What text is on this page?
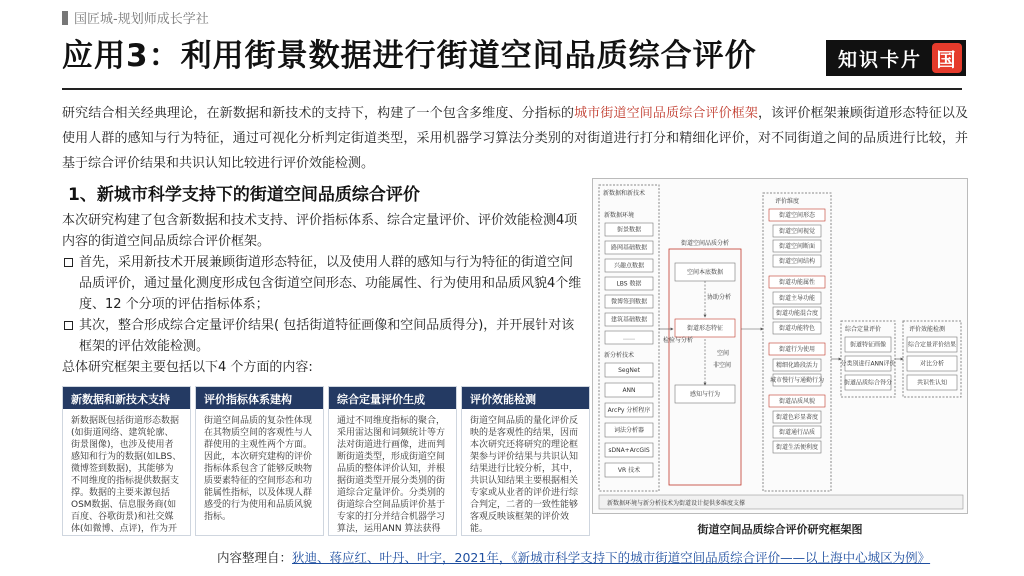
国匠城-规划师成长学社
应用3：利用街景数据进行街道空间品质综合评价	知识卡片 国
研究结合相关经典理论，在新数据和新技术的支持下，构建了一个包含多维度、分指标的城市街道空间品质综合评价框架，该评价框架兼顾街道形态特征以及使用人群的感知与行为特征，通过可视化分析判定街道类型，采用机器学习算法分类别的对街道进行打分和精细化评价，对不同街道之间的品质进行比较，并基于综合评价结果和共识认知比较进行评价效能检测。
1、新城市科学支持下的街道空间品质综合评价

本次研究构建了包含新数据和技术支持、评价指标体系、综合定量评价、评价效能检测4项内容的街道空间品质综合评价框架。

首先，采用新技术开展兼顾街道形态特征，以及使用人群的感知与行为特征的街道空间品质评价，通过量化测度形成包含街道空间形态、功能属性、行为使用和品质风貌4个维度、12 个分项的评估指标体系；
其次，整合形成综合定量评价结果( 包括街道特征画像和空间品质得分)，并开展针对该框架的评估效能检测。

总体研究框架主要包括以下4 个方面的内容:

新数据和新技术支持
新数据既包括街道形态数据(如街道网络、建筑轮廓、街景图像)，也涉及使用者感知和行为的数据(如LBS、微博签到数据)，其能够为不同维度的指标提供数据支撑。数据的主要来源包括OSM数据、信息服务商(如百度、谷歌街景)和社交媒体(如微博、点评)，作为开
评价指标体系建构
街道空间品质的复杂性体现在其物质空间的客观性与人群使用的主观性两个方面。因此，本次研究建构的评价指标体系包含了能够反映物质要素特征的空间形态和功能属性指标，以及体现人群感受的行为使用和品质风貌指标。
综合定量评价生成
通过不同维度指标的聚合，采用雷达图和词频统计等方法对街道进行画像，进而判断街道类型，形成街道空间品质的整体评价认知，并根据街道类型开展分类别的街道综合定量评价。分类别的街道综合空间品质评价基于专家的打分并结合机器学习算法，运用ANN 算法获得
评价效能检测
街道空间品质的量化评价反映的是客观性的结果，因而本次研究还将研究的理论框架参与评价结果与共识认知结果进行比较分析，其中，共识认知结果主要根据相关专家或从业者的评价进行综合判定，二者的一致性能够客观反映该框架的评价效能。
新数据和新技术
新数据环境
街景数据
路网基础数据
兴趣点数据
LBS 数据
微博签到数据
建筑基础数据
……
新分析技术
SegNet
ANN
ArcPy 分析程序
词法分析器
sDNA+ArcGIS
VR 技术
街道空间品质分析
空间本底数据
街道形态特征
感知与行为
协助分析
空间
非空间
检验与分析
评价维度
街道空间形态
街道空间视觉
街道空间断面
街道空间结构
街道功能属性
街道主导功能
街道功能混合度
街道功能特色
街道行为使用
精细化路段活力
城市慢行与通勤行为
街道品质风貌
街道色彩显著度
街道通行品质
街道生活便利度
综合定量评价
街道特征画像
分类别进行ANN评价
街道品质综合得分
评价效能检测
综合定量评价结果
对比分析
共识性认知
新数据环境与新分析技术为街道设计提供多维度支撑
街道空间品质综合评价研究框架图
内容整理自：狄迪、蒋应红、叶丹、叶宇，2021年，《新城市科学支持下的城市街道空间品质综合评价——以上海中心城区为例》
